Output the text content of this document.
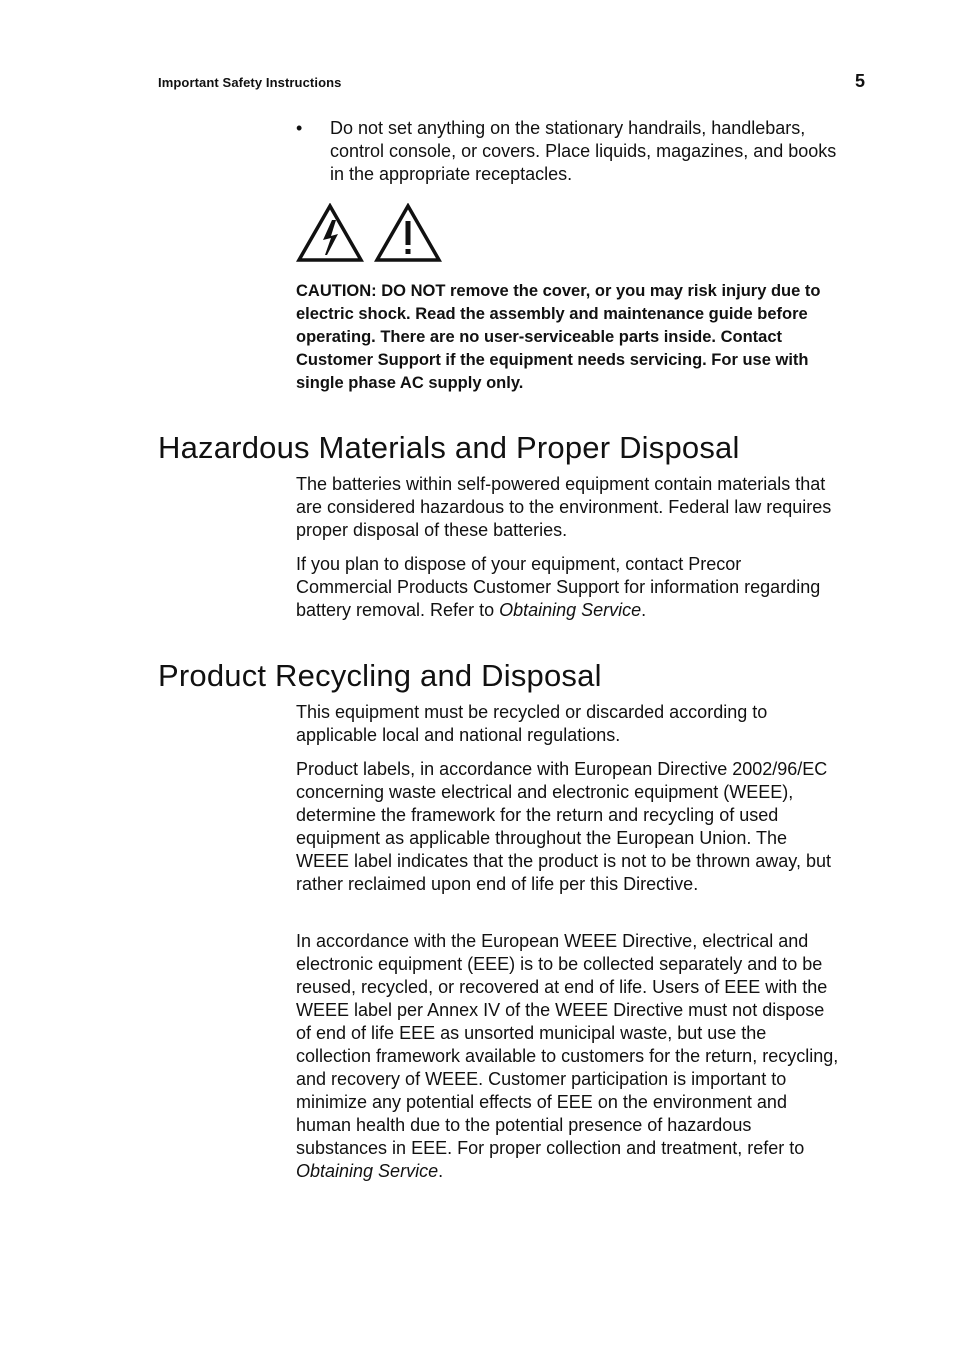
Important Safety Instructions	5
•	Do not set anything on the stationary handrails, handlebars, control console, or covers. Place liquids, magazines, and books in the appropriate receptacles.
CAUTION: DO NOT remove the cover, or you may risk injury due to electric shock. Read the assembly and maintenance guide before operating. There are no user-serviceable parts inside. Contact Customer Support if the equipment needs servicing. For use with single phase AC supply only.
Hazardous Materials and Proper Disposal

The batteries within self-powered equipment contain materials that are considered hazardous to the environment. Federal law requires proper disposal of these batteries.

If you plan to dispose of your equipment, contact Precor Commercial Products Customer Support for information regarding battery removal. Refer to Obtaining Service.

Product Recycling and Disposal

This equipment must be recycled or discarded according to applicable local and national regulations.

Product labels, in accordance with European Directive 2002/96/EC concerning waste electrical and electronic equipment (WEEE), determine the framework for the return and recycling of used equipment as applicable throughout the European Union. The WEEE label indicates that the product is not to be thrown away, but rather reclaimed upon end of life per this Directive.

In accordance with the European WEEE Directive, electrical and electronic equipment (EEE) is to be collected separately and to be reused, recycled, or recovered at end of life. Users of EEE with the WEEE label per Annex IV of the WEEE Directive must not dispose of end of life EEE as unsorted municipal waste, but use the collection framework available to customers for the return, recycling, and recovery of WEEE. Customer participation is important to minimize any potential effects of EEE on the environment and human health due to the potential presence of hazardous substances in EEE. For proper collection and treatment, refer to Obtaining Service.
